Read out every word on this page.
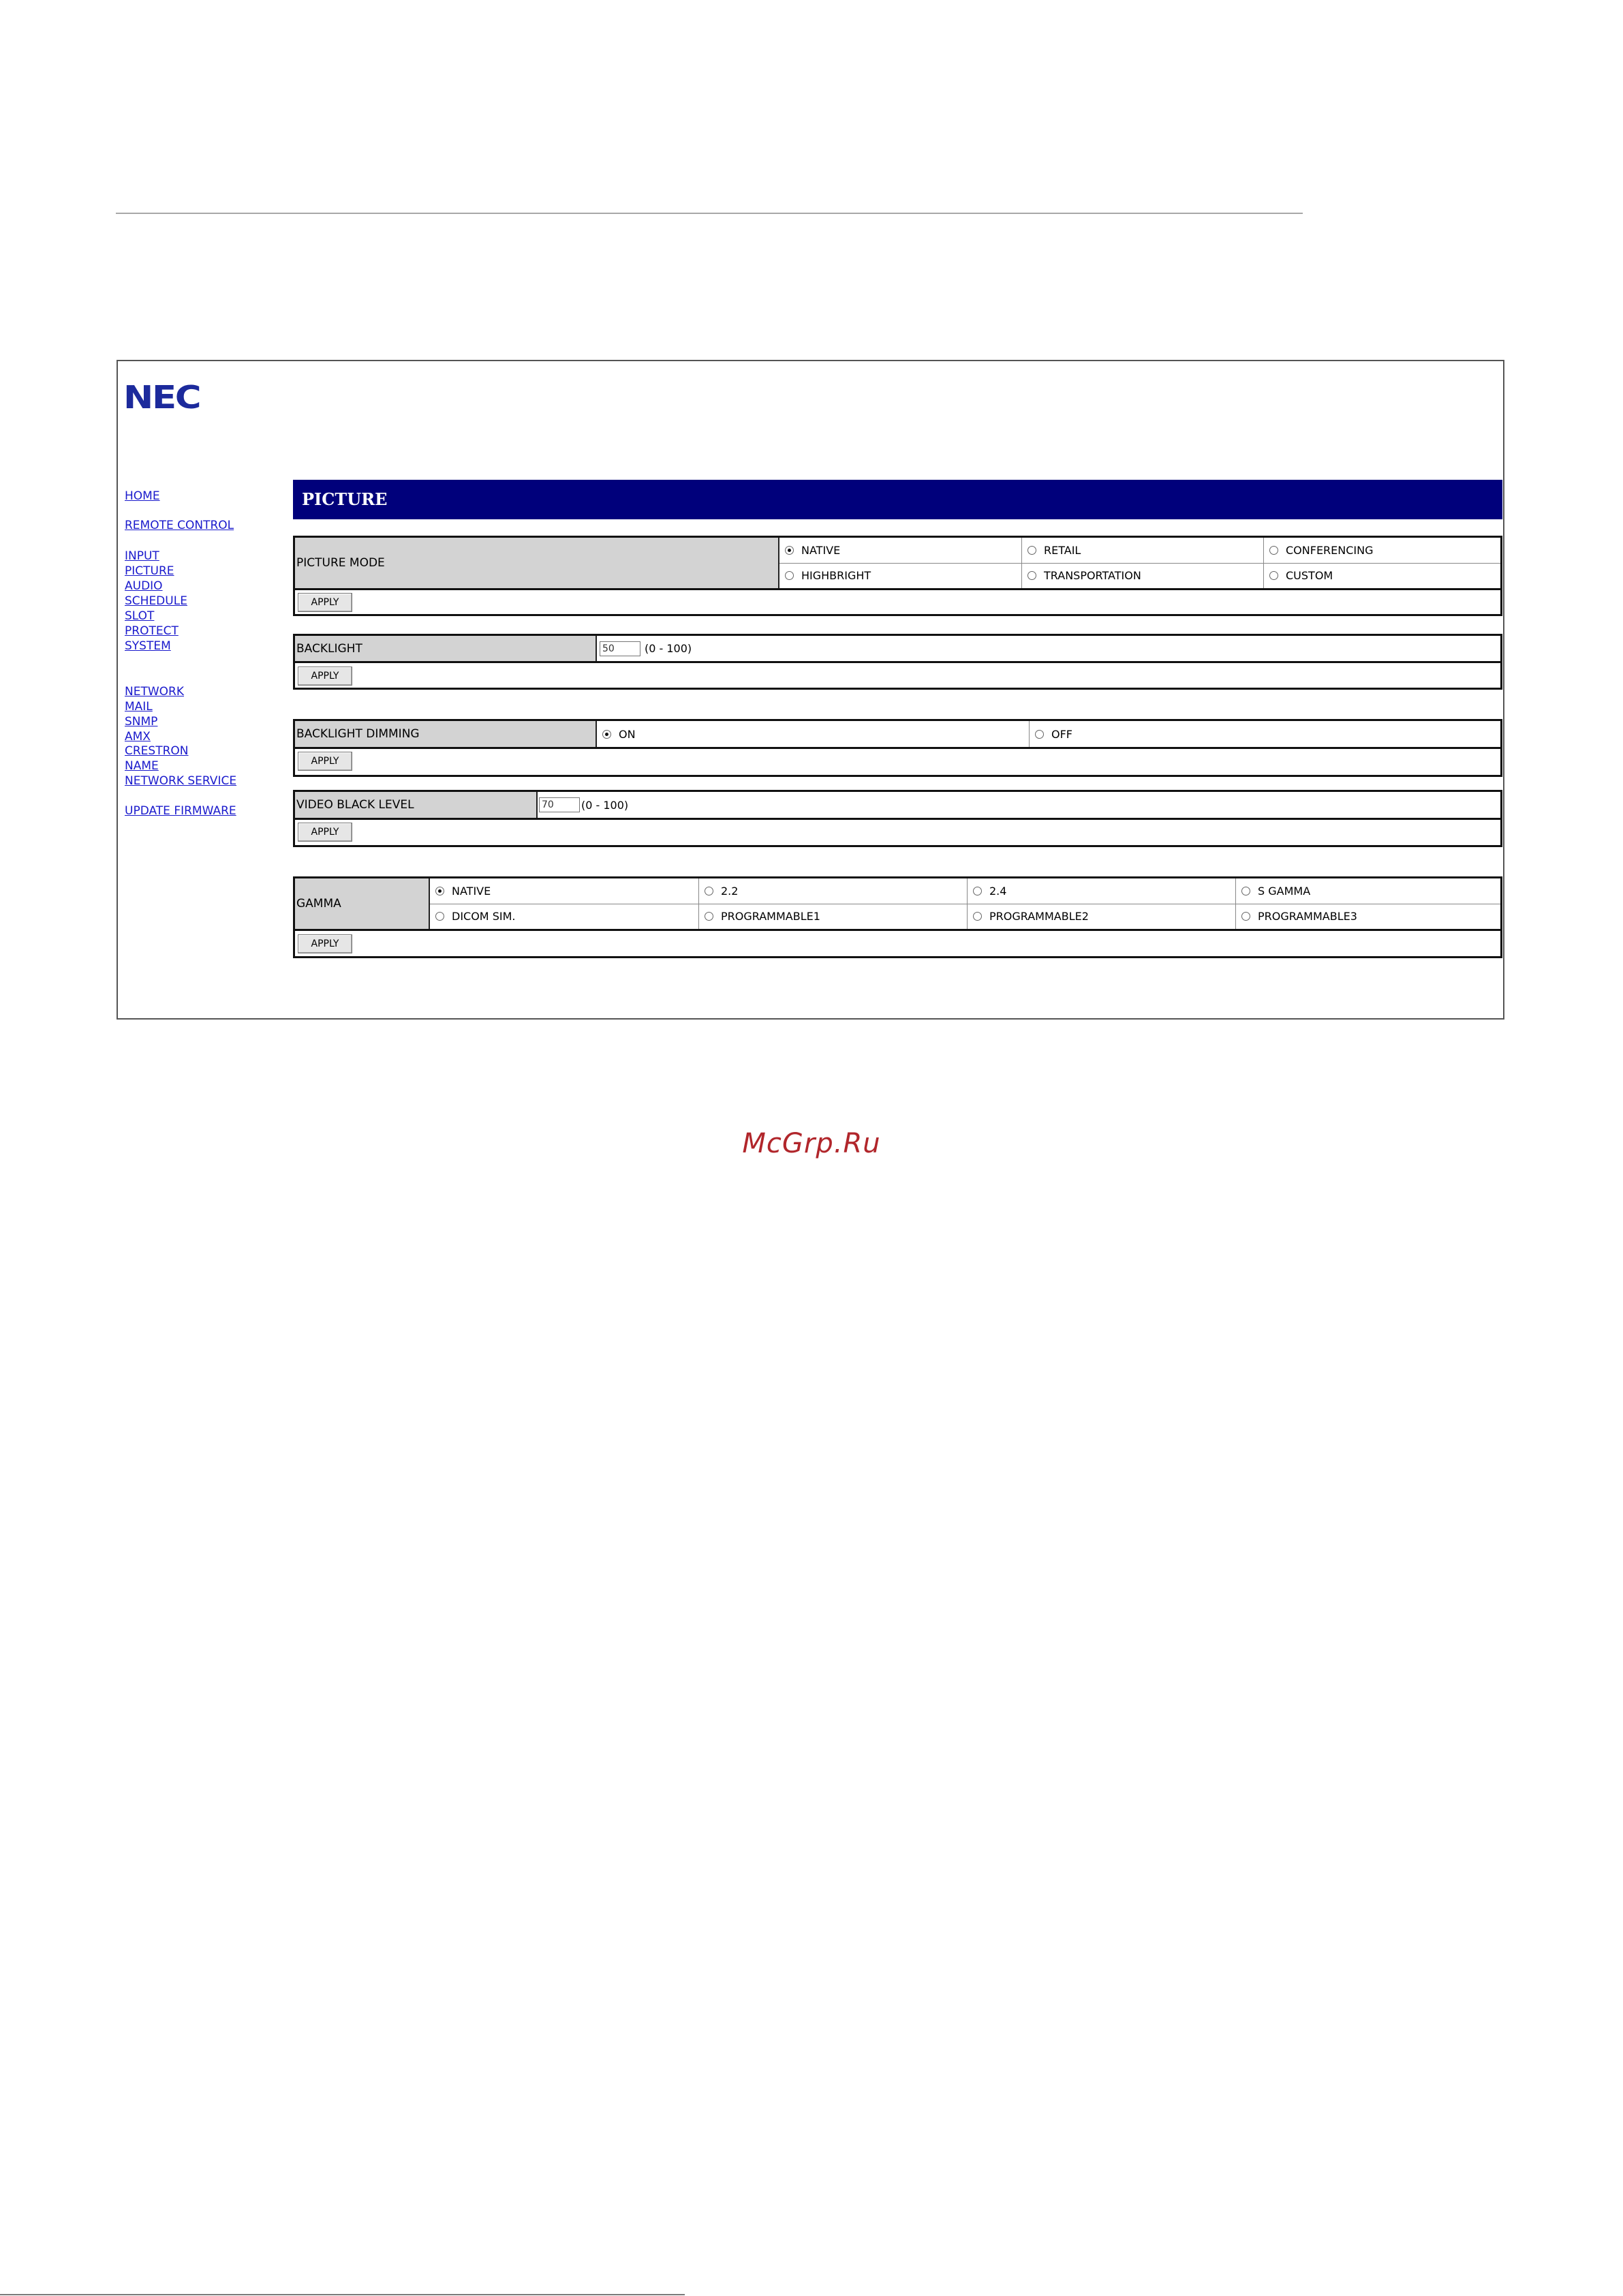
NEC
HOME
REMOTE CONTROL
INPUT
PICTURE
AUDIO
SCHEDULE
SLOT
PROTECT
SYSTEM
NETWORK
MAIL
SNMP
AMX
CRESTRON
NAME
NETWORK SERVICE
UPDATE FIRMWARE
PICTURE
PICTURE MODE
NATIVE	RETAIL	CONFERENCING
HIGHBRIGHT	TRANSPORTATION	CUSTOM
APPLY
BACKLIGHT	50	(0 - 100)
APPLY
BACKLIGHT DIMMING	ON	OFF
APPLY
VIDEO BLACK LEVEL	70	(0 - 100)
APPLY
GAMMA
NATIVE	2.2	2.4	S GAMMA
DICOM SIM.	PROGRAMMABLE1	PROGRAMMABLE2	PROGRAMMABLE3
APPLY
McGrp.Ru
